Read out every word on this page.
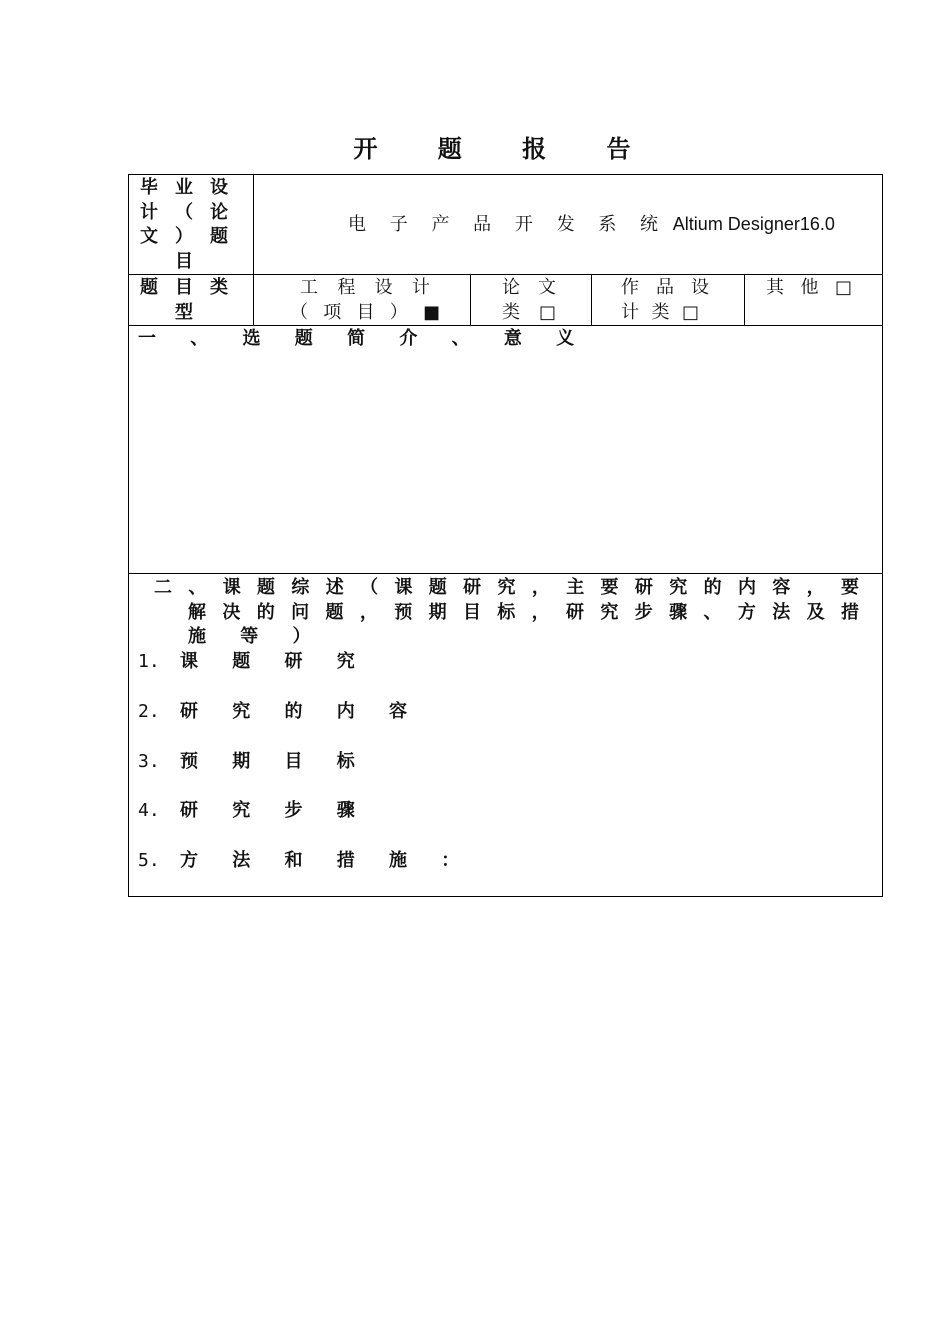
开 题 报 告
毕 业 设
计 （ 论
文 ） 题
目
电 子 产 品 开 发 系 统 Altium Designer16.0
题 目 类
型
工 程 设 计
（ 项 目 ） ■
论 文
类 □
作 品 设
计 类 □
其 他 □
一 、 选 题 简 介 、 意 义
二 、 课 题 综 述 （ 课 题 研 究 ， 主 要 研 究 的 内 容 ， 要
解 决 的 问 题 ， 预 期 目 标 ， 研 究 步 骤 、 方 法 及 措
施 等 ）
1. 课 题 研 究
2. 研 究 的 内 容
3. 预 期 目 标
4. 研 究 步 骤
5. 方 法 和 措 施 ：
